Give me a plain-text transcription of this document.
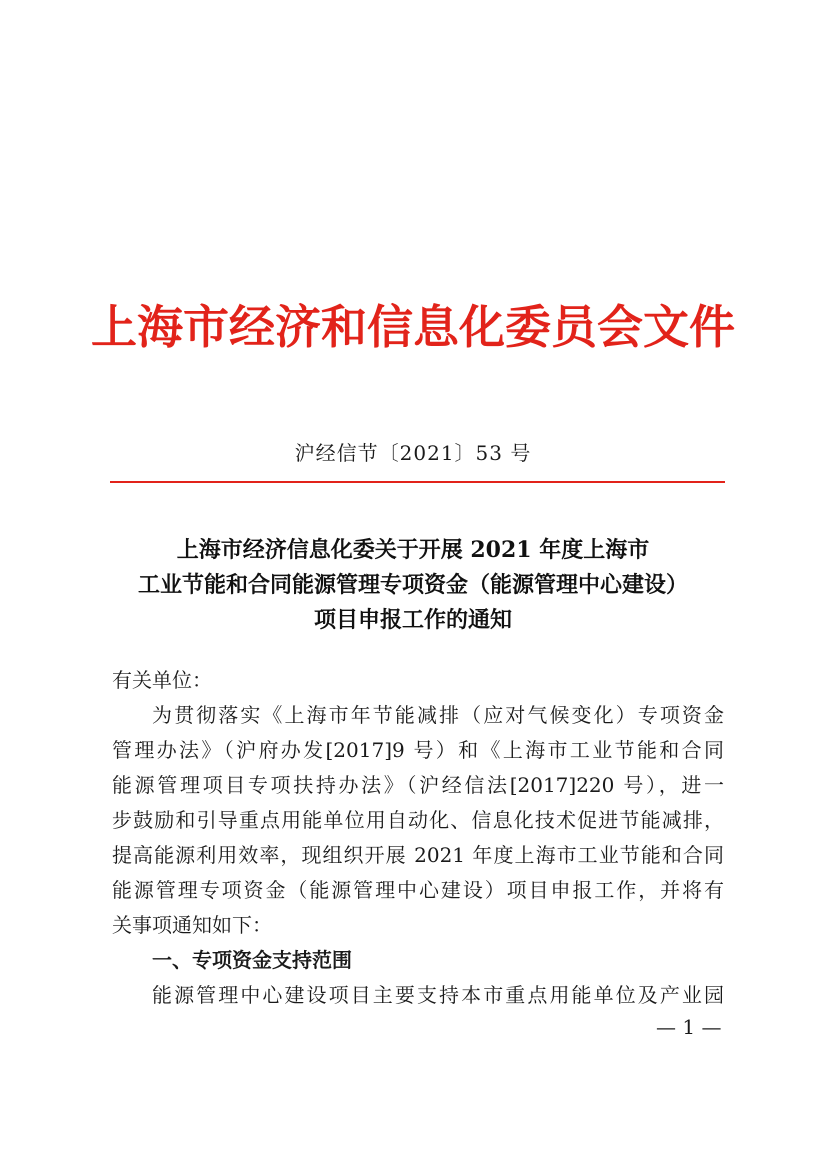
上海市经济和信息化委员会文件
沪经信节〔2021〕53 号
上海市经济信息化委关于开展 2021 年度上海市
工业节能和合同能源管理专项资金（能源管理中心建设）
项目申报工作的通知
有关单位：
为贯彻落实《上海市年节能减排（应对气候变化）专项资金
管理办法》（沪府办发[2017]9 号）和《上海市工业节能和合同
能源管理项目专项扶持办法》（沪经信法[2017]220 号），进一
步鼓励和引导重点用能单位用自动化、信息化技术促进节能减排，
提高能源利用效率，现组织开展 2021 年度上海市工业节能和合同
能源管理专项资金（能源管理中心建设）项目申报工作，并将有
关事项通知如下：
一、专项资金支持范围
能源管理中心建设项目主要支持本市重点用能单位及产业园
— 1 —
